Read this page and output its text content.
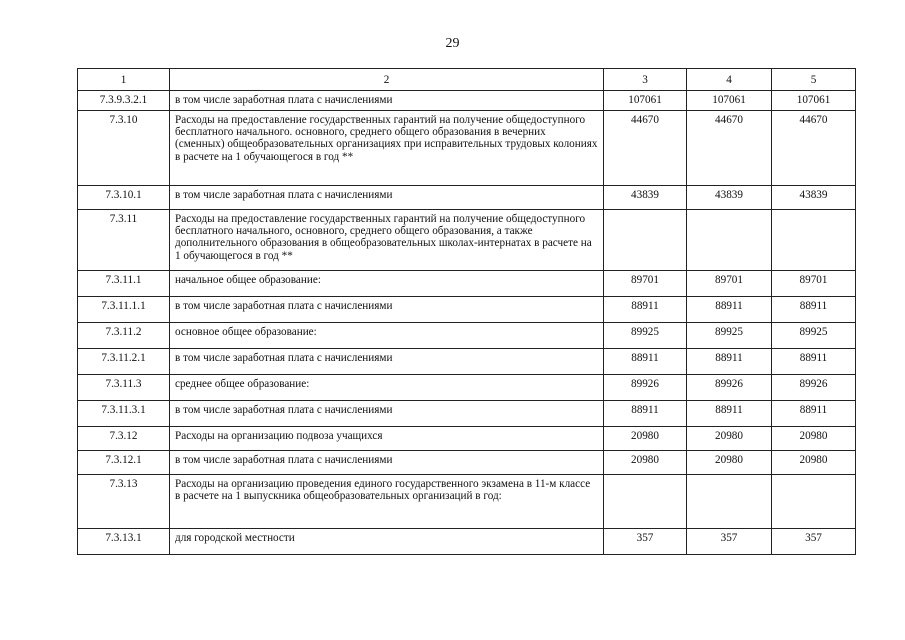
29
1	2	3	4	5
7.3.9.3.2.1	в том числе заработная плата с начислениями	107061	107061	107061
7.3.10	Расходы на предоставление государственных гарантий на получение общедоступного бесплатного начального. основного, среднего общего образования в вечерних (сменных) общеобразовательных организациях при исправительных трудовых колониях в расчете на 1 обучающегося в год **	44670	44670	44670
7.3.10.1	в том числе заработная плата с начислениями	43839	43839	43839
7.3.11	Расходы на предоставление государственных гарантий на получение общедоступного бесплатного начального, основного, среднего общего образования, а также дополнительного образования в общеобразовательных школах-интернатах в расчете на 1 обучающегося в год **			
7.3.11.1	начальное общее образование:	89701	89701	89701
7.3.11.1.1	в том числе заработная плата с начислениями	88911	88911	88911
7.3.11.2	основное общее образование:	89925	89925	89925
7.3.11.2.1	в том числе заработная плата с начислениями	88911	88911	88911
7.3.11.3	среднее общее образование:	89926	89926	89926
7.3.11.3.1	в том числе заработная плата с начислениями	88911	88911	88911
7.3.12	Расходы на организацию подвоза учащихся	20980	20980	20980
7.3.12.1	в том числе заработная плата с начислениями	20980	20980	20980
7.3.13	Расходы на организацию проведения единого государственного экзамена в 11-м классе в расчете на 1 выпускника общеобразовательных организаций в год:			
7.3.13.1	для городской местности	357	357	357
